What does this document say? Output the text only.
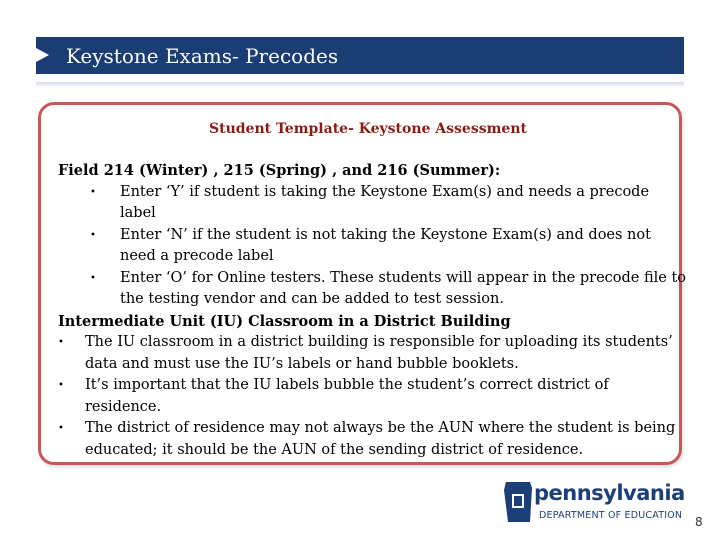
Keystone Exams- Precodes
Student Template- Keystone Assessment
Field 214 (Winter) , 215 (Spring) , and 216 (Summer):
• Enter ‘Y’ if student is taking the Keystone Exam(s) and needs a precode label
• Enter ‘N’ if the student is not taking the Keystone Exam(s) and does not need a precode label
• Enter ‘O’ for Online testers. These students will appear in the precode file to the testing vendor and can be added to test session.
Intermediate Unit (IU) Classroom in a District Building
• The IU classroom in a district building is responsible for uploading its students’ data and must use the IU’s labels or hand bubble booklets.
• It’s important that the IU labels bubble the student’s correct district of residence.
• The district of residence may not always be the AUN where the student is being educated; it should be the AUN of the sending district of residence.
pennsylvania
DEPARTMENT OF EDUCATION 8
